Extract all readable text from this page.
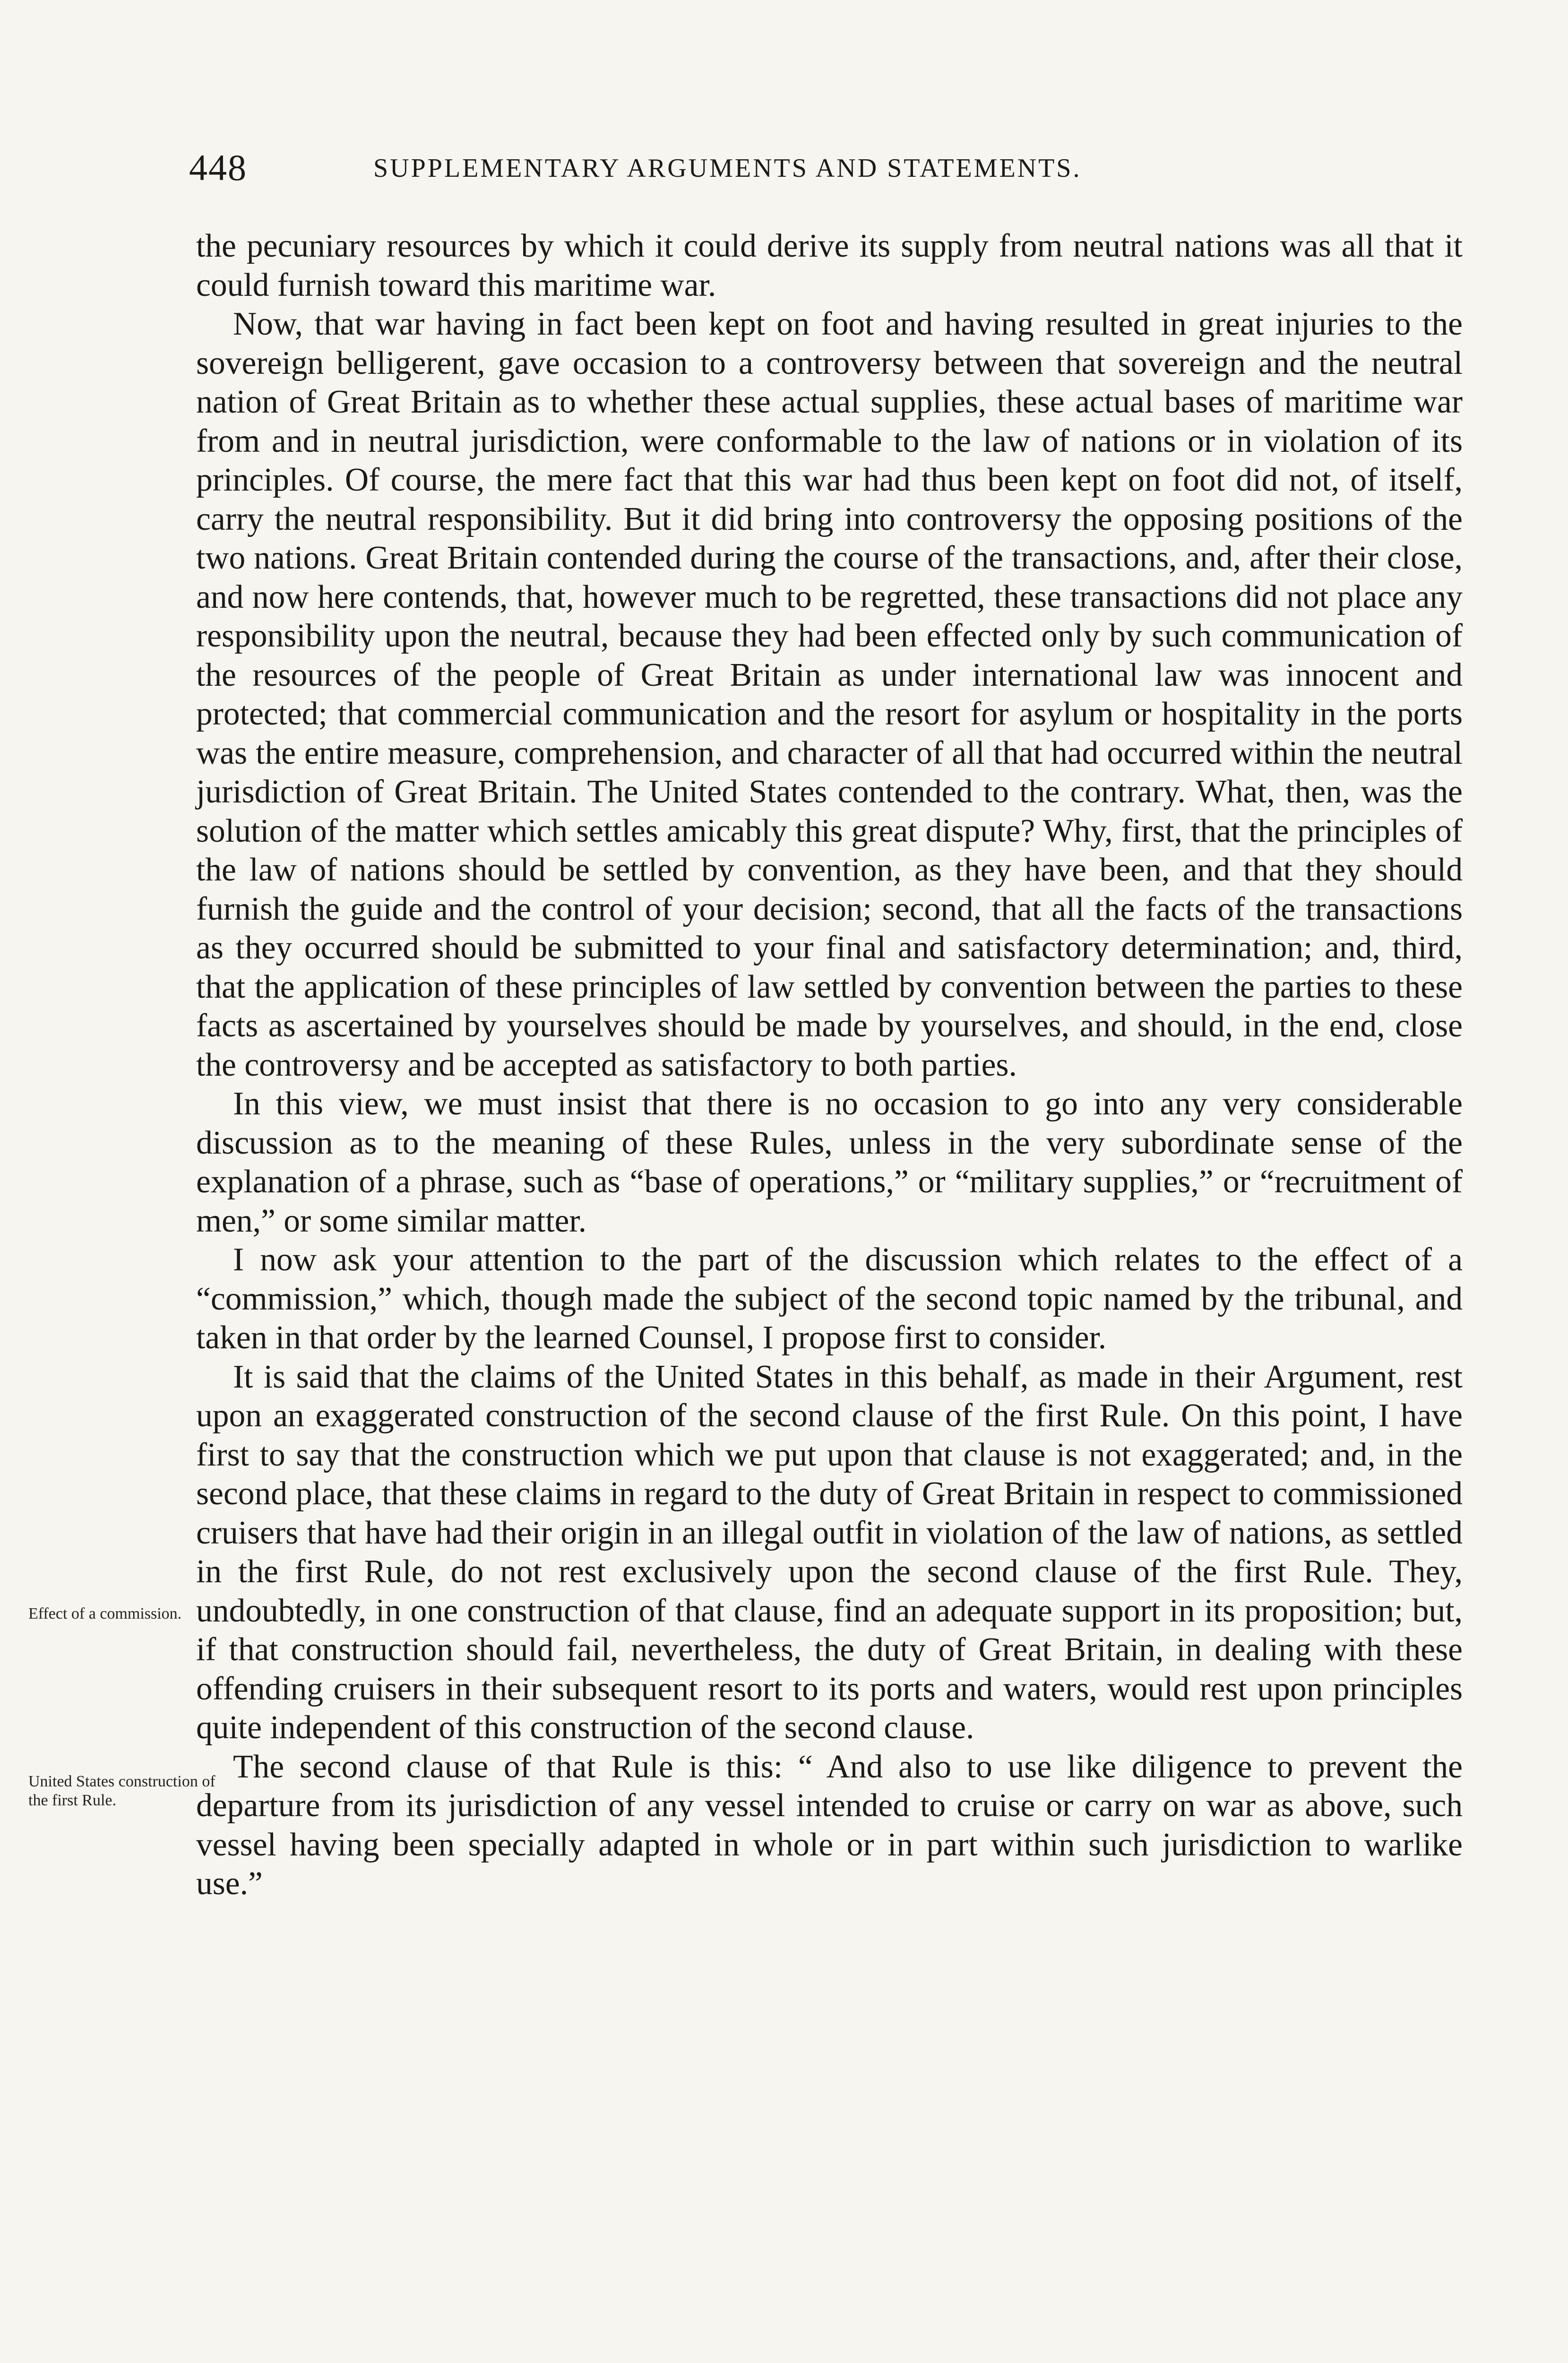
448	SUPPLEMENTARY ARGUMENTS AND STATEMENTS.
Effect of a commission.
United States construction of the first Rule.

the pecuniary resources by which it could derive its supply from neutral nations was all that it could furnish toward this maritime war.

Now, that war having in fact been kept on foot and having resulted in great injuries to the sovereign belligerent, gave occasion to a controversy between that sovereign and the neutral nation of Great Britain as to whether these actual supplies, these actual bases of maritime war from and in neutral jurisdiction, were conformable to the law of nations or in violation of its principles. Of course, the mere fact that this war had thus been kept on foot did not, of itself, carry the neutral responsibility. But it did bring into controversy the opposing positions of the two nations. Great Britain contended during the course of the transactions, and, after their close, and now here contends, that, however much to be regretted, these transactions did not place any responsibility upon the neutral, because they had been effected only by such communication of the resources of the people of Great Britain as under international law was innocent and protected; that commercial communication and the resort for asylum or hospitality in the ports was the entire measure, comprehension, and character of all that had occurred within the neutral jurisdiction of Great Britain. The United States contended to the contrary. What, then, was the solution of the matter which settles amicably this great dispute? Why, first, that the principles of the law of nations should be settled by convention, as they have been, and that they should furnish the guide and the control of your decision; second, that all the facts of the transactions as they occurred should be submitted to your final and satisfactory determination; and, third, that the application of these principles of law settled by convention between the parties to these facts as ascertained by yourselves should be made by yourselves, and should, in the end, close the controversy and be accepted as satisfactory to both parties.

In this view, we must insist that there is no occasion to go into any very considerable discussion as to the meaning of these Rules, unless in the very subordinate sense of the explanation of a phrase, such as “base of operations,” or “military supplies,” or “recruitment of men,” or some similar matter.

I now ask your attention to the part of the discussion which relates to the effect of a “commission,” which, though made the subject of the second topic named by the tribunal, and taken in that order by the learned Counsel, I propose first to consider.

It is said that the claims of the United States in this behalf, as made in their Argument, rest upon an exaggerated construction of the second clause of the first Rule. On this point, I have first to say that the construction which we put upon that clause is not exaggerated; and, in the second place, that these claims in regard to the duty of Great Britain in respect to commissioned cruisers that have had their origin in an illegal outfit in violation of the law of nations, as settled in the first Rule, do not rest exclusively upon the second clause of the first Rule. They, undoubtedly, in one construction of that clause, find an adequate support in its proposition; but, if that construction should fail, nevertheless, the duty of Great Britain, in dealing with these offending cruisers in their subsequent resort to its ports and waters, would rest upon principles quite independent of this construction of the second clause.

The second clause of that Rule is this: “ And also to use like diligence to prevent the departure from its jurisdiction of any vessel intended to cruise or carry on war as above, such vessel having been specially adapted in whole or in part within such jurisdiction to warlike use.”
